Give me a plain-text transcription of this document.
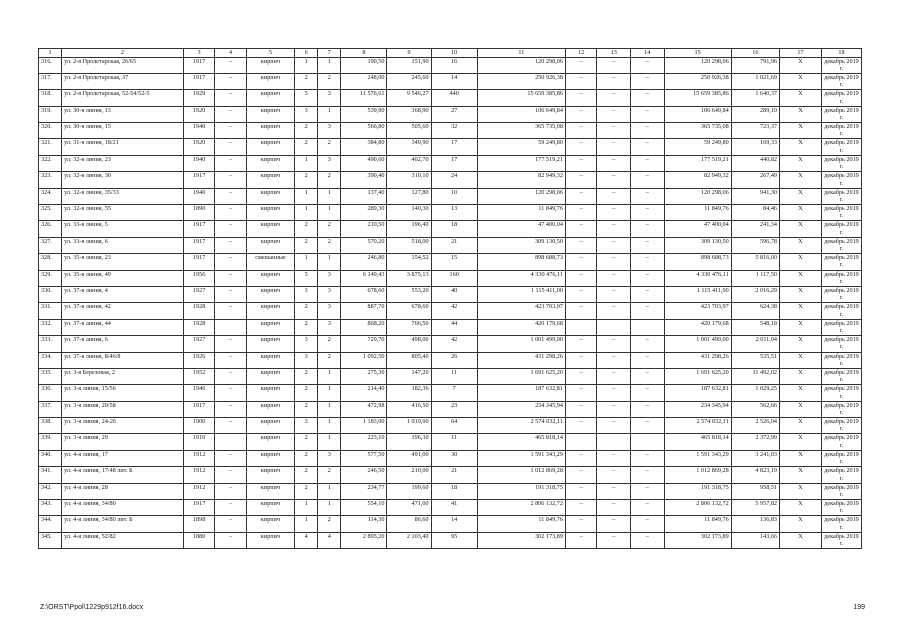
1	2	3	4	5	6	7	8	9	10	11	12	13	14	15	16	17	18
316.	ул. 2-я Пролетарская, 26/65	1917	–	кирпич	1	1	190,50	151,90	16	120 298,06	–	–	–	120 298,06	791,96	Х	декабрь 2019 г.
317.	ул. 2-я Пролетарская, 37	1917	–	кирпич	2	2	248,00	245,60	14	250 926,38	–	–	–	250 926,38	1 021,69	Х	декабрь 2019 г.
318.	ул. 2-я Пролетарская, 52-54/52-5	1929	–	кирпич	5	3	11 576,61	9 546,27	440	15 659 385,86	–	–	–	15 659 385,86	1 640,37	Х	декабрь 2019 г.
319.	ул. 30-я линия, 13	1920	–	кирпич	3	1	539,90	368,90	27	106 649,84	–	–	–	106 649,84	289,10	Х	декабрь 2019 г.
320.	ул. 30-я линия, 15	1940	–	кирпич	2	3	566,80	505,60	32	365 735,08	–	–	–	365 735,08	723,37	Х	декабрь 2019 г.
321.	ул. 31-я линия, 18/21	1920	–	кирпич	2	2	384,80	349,90	17	59 249,80	–	–	–	59 249,80	169,33	Х	декабрь 2019 г.
322.	ул. 32-я линия, 23	1940	–	кирпич	1	3	490,60	402,70	17	177 519,21	–	–	–	177 519,21	440,82	Х	декабрь 2019 г.
323.	ул. 32-я линия, 30	1917	–	кирпич	2	2	390,40	310,10	24	82 949,32	–	–	–	82 949,32	267,49	Х	декабрь 2019 г.
324.	ул. 32-я линия, 35/33	1940	–	кирпич	1	1	137,40	127,80	10	120 298,06	–	–	–	120 298,06	941,30	Х	декабрь 2019 г.
325.	ул. 32-я линия, 55	1890	–	кирпич	1	1	289,30	140,30	13	11 849,76	–	–	–	11 849,76	84,46	Х	декабрь 2019 г.
326.	ул. 33-я линия, 5	1917	–	кирпич	2	2	210,50	196,40	18	47 400,04	–	–	–	47 400,04	241,34	Х	декабрь 2019 г.
327.	ул. 33-я линия, 6	1917	–	кирпич	2	2	570,20	518,00	21	309 130,50	–	–	–	309 130,50	596,78	Х	декабрь 2019 г.
328.	ул. 35-я линия, 23	1917	–	смешанные	1	1	246,80	154,52	15	898 688,73	–	–	–	898 688,73	5 816,00	Х	декабрь 2019 г.
329.	ул. 35-я линия, 49	1956	–	кирпич	5	3	6 149,43	3 875,13	160	4 330 476,11	–	–	–	4 330 476,11	1 117,50	Х	декабрь 2019 г.
330.	ул. 37-я линия, 4	1927	–	кирпич	3	3	678,60	553,20	40	1 115 411,00	–	–	–	1 115 411,00	2 016,29	Х	декабрь 2019 г.
331.	ул. 37-я линия, 42	1928	–	кирпич	2	3	887,70	678,60	42	423 703,97	–	–	–	423 703,97	624,38	Х	декабрь 2019 г.
332.	ул. 37-я линия, 44	1928		кирпич	2	3	868,20	766,50	44	420 179,68				420 179,68	548,18	Х	декабрь 2019 г.
333.	ул. 37-я линия, 6	1927	–	кирпич	3	2	729,70	498,00	42	1 001 499,00	–	–	–	1 001 499,00	2 011,04	Х	декабрь 2019 г.
334.	ул. 37-я линия, 8/46/8	1926	–	кирпич	3	2	1 092,50	805,40	26	431 298,26	–	–	–	431 298,26	535,51	Х	декабрь 2019 г.
335.	ул. 3-я Березовая, 2	1952	–	кирпич	2	1	275,30	147,20	11	1 691 625,20	–	–	–	1 691 625,20	11 492,02	Х	декабрь 2019 г.
336.	ул. 3-я линия, 15/56	1946	–	кирпич	2	1	214,40	182,36	7	187 632,81	–	–	–	187 632,81	1 029,25	Х	декабрь 2019 г.
337.	ул. 3-я линия, 20/58	1917	–	кирпич	2	1	472,98	416,50	23	234 345,94	–	–	–	234 345,94	562,66	Х	декабрь 2019 г.
338.	ул. 3-я линия, 24-26	1900	–	кирпич	3	1	1 183,00	1 019,00	64	2 574 032,11	–	–	–	2 574 032,11	2 526,04	Х	декабрь 2019 г.
339.	ул. 3-я линия, 29	1910		кирпич	2	1	223,10	196,30	11	465 818,14				465 818,14	2 372,99	Х	декабрь 2019 г.
340.	ул. 4-я линия, 17	1912	–	кирпич	2	3	577,50	491,00	30	1 591 343,29	–	–	–	1 591 343,29	3 241,03	Х	декабрь 2019 г.
341.	ул. 4-я линия, 17/48 лит. Б	1912	–	кирпич	2	2	246,50	210,00	21	1 012 869,28	–	–	–	1 012 869,28	4 823,19	Х	декабрь 2019 г.
342.	ул. 4-я линия, 28	1912	–	кирпич	2	1	234,77	199,60	18	191 318,75	–	–	–	191 318,75	958,51	Х	декабрь 2019 г.
343.	ул. 4-я линия, 34/80	1917	–	кирпич	1	1	554,10	471,00	41	2 806 132,72	–	–	–	2 806 132,72	5 957,82	Х	декабрь 2019 г.
344.	ул. 4-я линия, 34/80 лит. Б	1898	–	кирпич	1	2	114,30	86,60	14	11 849,76	–	–	–	11 849,76	136,83	Х	декабрь 2019 г.
345.	ул. 4-я линия, 52/82	1880	–	кирпич	4	4	2 895,20	2 103,40	95	302 173,89	–	–	–	302 173,89	143,66	Х	декабрь 2019 г.
Z:\ORST\Ppol\1229p912f16.docx	199
